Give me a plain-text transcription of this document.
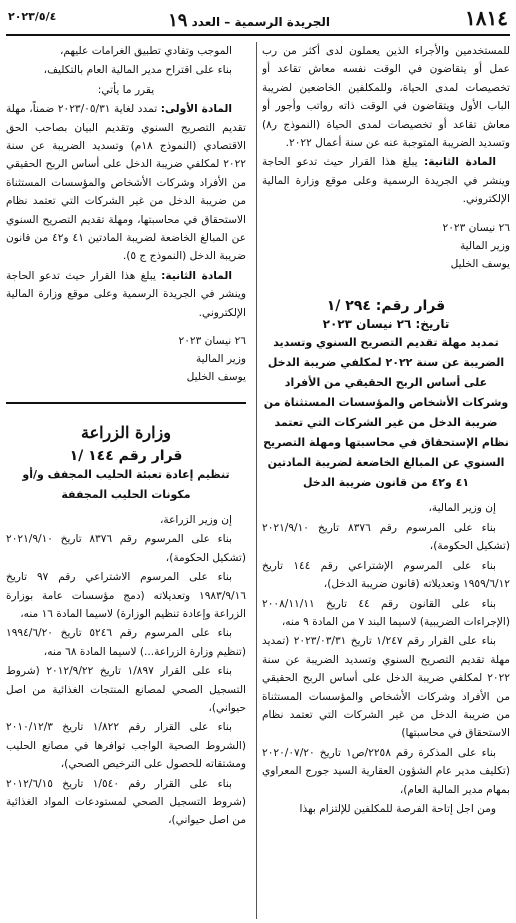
١٨١٤
الجريدة الرسمية – العدد ١٩
٢٠٢٣/٥/٤

للمستخدمين والأجراء الذين يعملون لدى أكثر من رب عمل أو يتقاضون في الوقت نفسه معاش تقاعد أو تخصيصات لمدى الحياة، وللمكلفين الخاضعين لضريبة الباب الأول ويتقاضون في الوقت ذاته رواتب وأجور أو معاش تقاعد أو تخصيصات لمدى الحياة (النموذج ر٨) وتسديد الضريبة المتوجبة عنه عن سنة أعمال ٢٠٢٢.

المادة الثانية: يبلغ هذا القرار حيث تدعو الحاجة وينشر في الجريدة الرسمية وعلى موقع وزارة المالية الإلكتروني.

٢٦ نيسان ٢٠٢٣
وزير المالية
يوسف الخليل
قرار رقم: ٢٩٤ /١
تاريخ: ٢٦ نيسان ٢٠٢٣
تمديد مهلة تقديم التصريح السنوي وتسديد الضريبة عن سنة ٢٠٢٢ لمكلفي ضريبة الدخل على أساس الربح الحقيقي من الأفراد وشركات الأشخاص والمؤسسات المستثناة من ضريبة الدخل من غير الشركات التي تعتمد نظام الإستحقاق في محاسبتها ومهلة التصريح السنوي عن المبالغ الخاضعة لضريبة المادتين ٤١ و٤٢ من قانون ضريبة الدخل

إن وزير المالية،

بناء على المرسوم رقم ٨٣٧٦ تاريخ ٢٠٢١/٩/١٠ (تشكيل الحكومة)،

بناء على المرسوم الإشتراعي رقم ١٤٤ تاريخ ١٩٥٩/٦/١٢ وتعديلاته (قانون ضريبة الدخل)،

بناء على القانون رقم ٤٤ تاريخ ٢٠٠٨/١١/١١ (الإجراءات الضريبية) لاسيما البند ٧ من المادة ٩ منه،

بناء على القرار رقم ١/٢٤٧ تاريخ ٢٠٢٣/٠٣/٣١ (تمديد مهلة تقديم التصريح السنوي وتسديد الضريبة عن سنة ٢٠٢٢ لمكلفي ضريبة الدخل على أساس الربح الحقيقي من الأفراد وشركات الأشخاص والمؤسسات المستثناة من ضريبة الدخل من غير الشركات التي تعتمد نظام الاستحقاق في محاسبتها)

بناء على المذكرة رقم ٢٢٥٨/ص١ تاريخ ٢٠٢٠/٠٧/٢٠ (تكليف مدير عام الشؤون العقارية السيد جورج المعراوي بمهام مدير المالية العام)،

ومن اجل إتاحة الفرصة للمكلفين للإلتزام بهذا

الموجب وتفادي تطبيق الغرامات عليهم،

بناء على اقتراح مدير المالية العام بالتكليف،

يقرر ما يأتي:

المادة الأولى: تمدد لغاية ٢٠٢٣/٠٥/٣١ ضمناً، مهلة تقديم التصريح السنوي وتقديم البيان بصاحب الحق الاقتصادي (النموذج ١٨م) وتسديد الضريبة عن سنة ٢٠٢٢ لمكلفي ضريبة الدخل على أساس الربح الحقيقي من الأفراد وشركات الأشخاص والمؤسسات المستثناة من ضريبة الدخل من غير الشركات التي تعتمد نظام الاستحقاق في محاسبتها، ومهلة تقديم التصريح السنوي عن المبالغ الخاضعة لضريبة المادتين ٤١ و٤٢ من قانون ضريبة الدخل (النموذج ج ٥).

المادة الثانية: يبلغ هذا القرار حيث تدعو الحاجة وينشر في الجريدة الرسمية وعلى موقع وزارة المالية الإلكتروني.

٢٦ نيسان ٢٠٢٣
وزير المالية
يوسف الخليل
وزارة الزراعة
قرار رقم ١٤٤ /١
تنظيم إعادة تعبئة الحليب المجفف و/أو مكونات الحليب المجففة

إن وزير الزراعة،

بناء على المرسوم رقم ٨٣٧٦ تاريخ ٢٠٢١/٩/١٠ (تشكيل الحكومة)،

بناء على المرسوم الاشتراعي رقم ٩٧ تاريخ ١٩٨٣/٩/١٦ وتعديلاته (دمج مؤسسات عامة بوزارة الزراعة وإعادة تنظيم الوزارة) لاسيما المادة ١٦ منه،

بناء على المرسوم رقم ٥٢٤٦ تاريخ ١٩٩٤/٦/٢٠ (تنظيم وزارة الزراعة...) لاسيما المادة ٦٨ منه،

بناء على القرار ١/٨٩٧ تاريخ ٢٠١٢/٩/٢٢ (شروط التسجيل الصحي لمصانع المنتجات الغذائية من اصل حيواني)،

بناء على القرار رقم ١/٨٢٢ تاريخ ٢٠١٠/١٢/٣ (الشروط الصحية الواجب توافرها في مصانع الحليب ومشتقاته للحصول على الترخيص الصحي)،

بناء على القرار رقم ١/٥٤٠ تاريخ ٢٠١٢/٦/١٥ (شروط التسجيل الصحي لمستودعات المواد الغذائية من اصل حيواني)،
